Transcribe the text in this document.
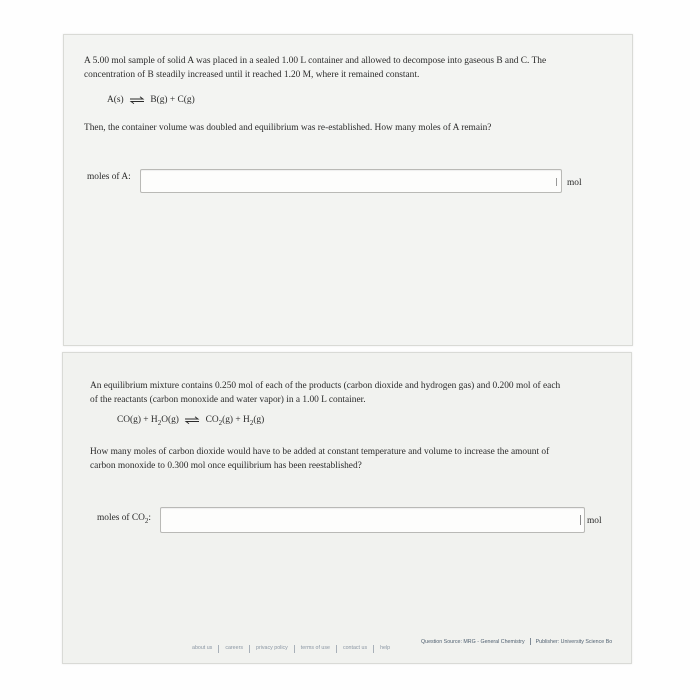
A 5.00 mol sample of solid A was placed in a sealed 1.00 L container and allowed to decompose into gaseous B and C. The
concentration of B steadily increased until it reached 1.20 M, where it remained constant.
A(s) ⇌ B(g) + C(g)
Then, the container volume was doubled and equilibrium was re-established. How many moles of A remain?
moles of A:
mol
An equilibrium mixture contains 0.250 mol of each of the products (carbon dioxide and hydrogen gas) and 0.200 mol of each
of the reactants (carbon monoxide and water vapor) in a 1.00 L container.
$CO(g) + H_2O(g)$ ⇌ $CO_2(g) + H_2(g)$
How many moles of carbon dioxide would have to be added at constant temperature and volume to increase the amount of
carbon monoxide to 0.300 mol once equilibrium has been reestablished?
moles of $CO_2$:	mol
Question Source: MRG - General Chemistry Publisher: University Science Bo
about us careers privacy policy terms of use contact us help
